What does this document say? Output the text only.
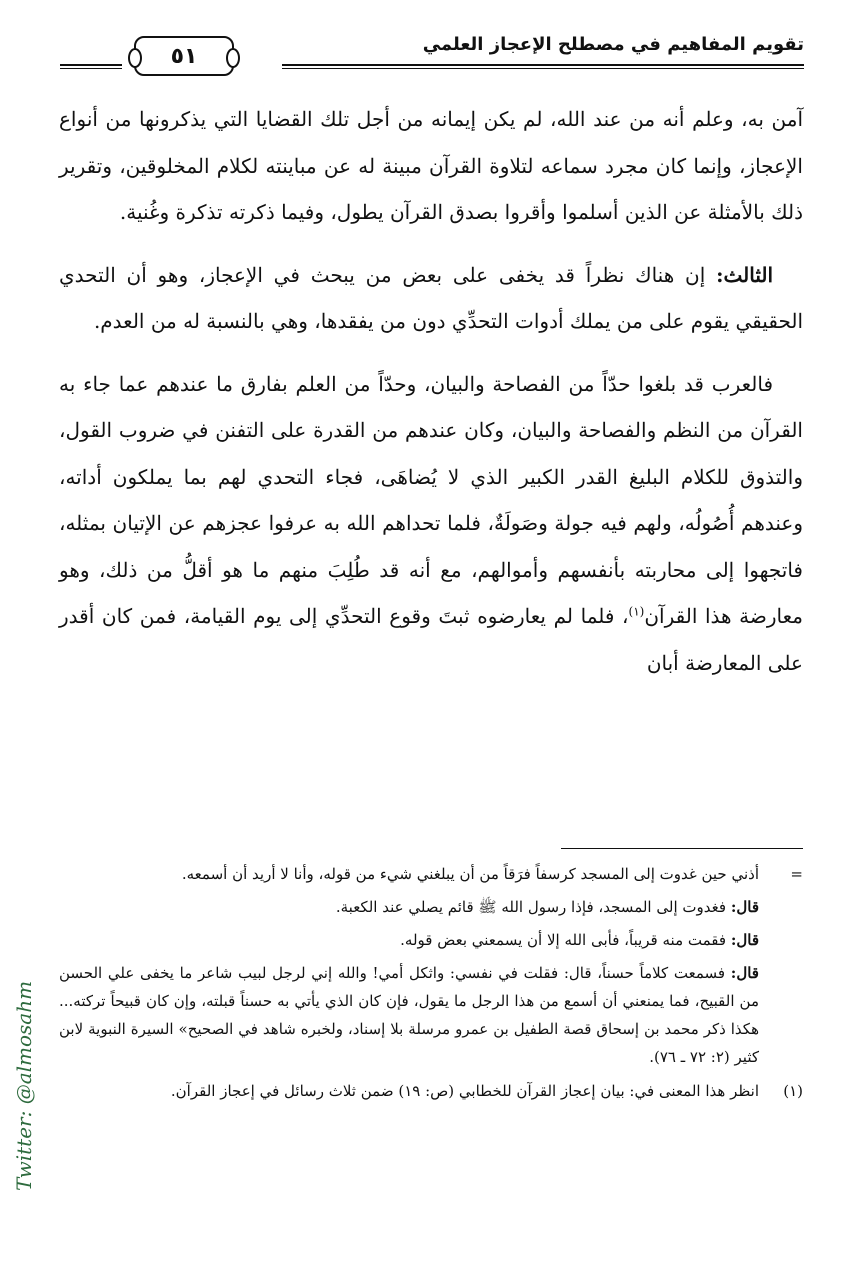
تقويم المفاهيم في مصطلح الإعجاز العلمي
٥١

آمن به، وعلم أنه من عند الله، لم يكن إيمانه من أجل تلك القضايا التي يذكرونها من أنواع الإعجاز، وإنما كان مجرد سماعه لتلاوة القرآن مبينة له عن مباينته لكلام المخلوقين، وتقرير ذلك بالأمثلة عن الذين أسلموا وأقروا بصدق القرآن يطول، وفيما ذكرته تذكرة وغُنية.

الثالث: إن هناك نظراً قد يخفى على بعض من يبحث في الإعجاز، وهو أن التحدي الحقيقي يقوم على من يملك أدوات التحدِّي دون من يفقدها، وهي بالنسبة له من العدم.

فالعرب قد بلغوا حدّاً من الفصاحة والبيان، وحدّاً من العلم بفارق ما عندهم عما جاء به القرآن من النظم والفصاحة والبيان، وكان عندهم من القدرة على التفنن في ضروب القول، والتذوق للكلام البليغ القدر الكبير الذي لا يُضاهَى، فجاء التحدي لهم بما يملكون أداته، وعندهم أُصُولُه، ولهم فيه جولة وصَولَةٌ، فلما تحداهم الله به عرفوا عجزهم عن الإتيان بمثله، فاتجهوا إلى محاربته بأنفسهم وأموالهم، مع أنه قد طُلِبَ منهم ما هو أقلُّ من ذلك، وهو معارضة هذا القرآن$^{(١)}$، فلما لم يعارضوه ثبتَ وقوع التحدِّي إلى يوم القيامة، فمن كان أقدر على المعارضة أبان

=

أذني حين غدوت إلى المسجد كرسفاً فرَقاً من أن يبلغني شيء من قوله، وأنا لا أريد أن أسمعه.

قال: فغدوت إلى المسجد، فإذا رسول الله ﷺ قائم يصلي عند الكعبة.

قال: فقمت منه قريباً، فأبى الله إلا أن يسمعني بعض قوله.

قال: فسمعت كلاماً حسناً، قال: فقلت في نفسي: واثكل أمي! والله إني لرجل لبيب شاعر ما يخفى علي الحسن من القبيح، فما يمنعني أن أسمع من هذا الرجل ما يقول، فإن كان الذي يأتي به حسناً قبلته، وإن كان قبيحاً تركته... هكذا ذكر محمد بن إسحاق قصة الطفيل بن عمرو مرسلة بلا إسناد، ولخبره شاهد في الصحيح» السيرة النبوية لابن كثير (٢: ٧٢ ـ ٧٦).

(١)

انظر هذا المعنى في: بيان إعجاز القرآن للخطابي (ص: ١٩) ضمن ثلاث رسائل في إعجاز القرآن.

Twitter: @almosahm
